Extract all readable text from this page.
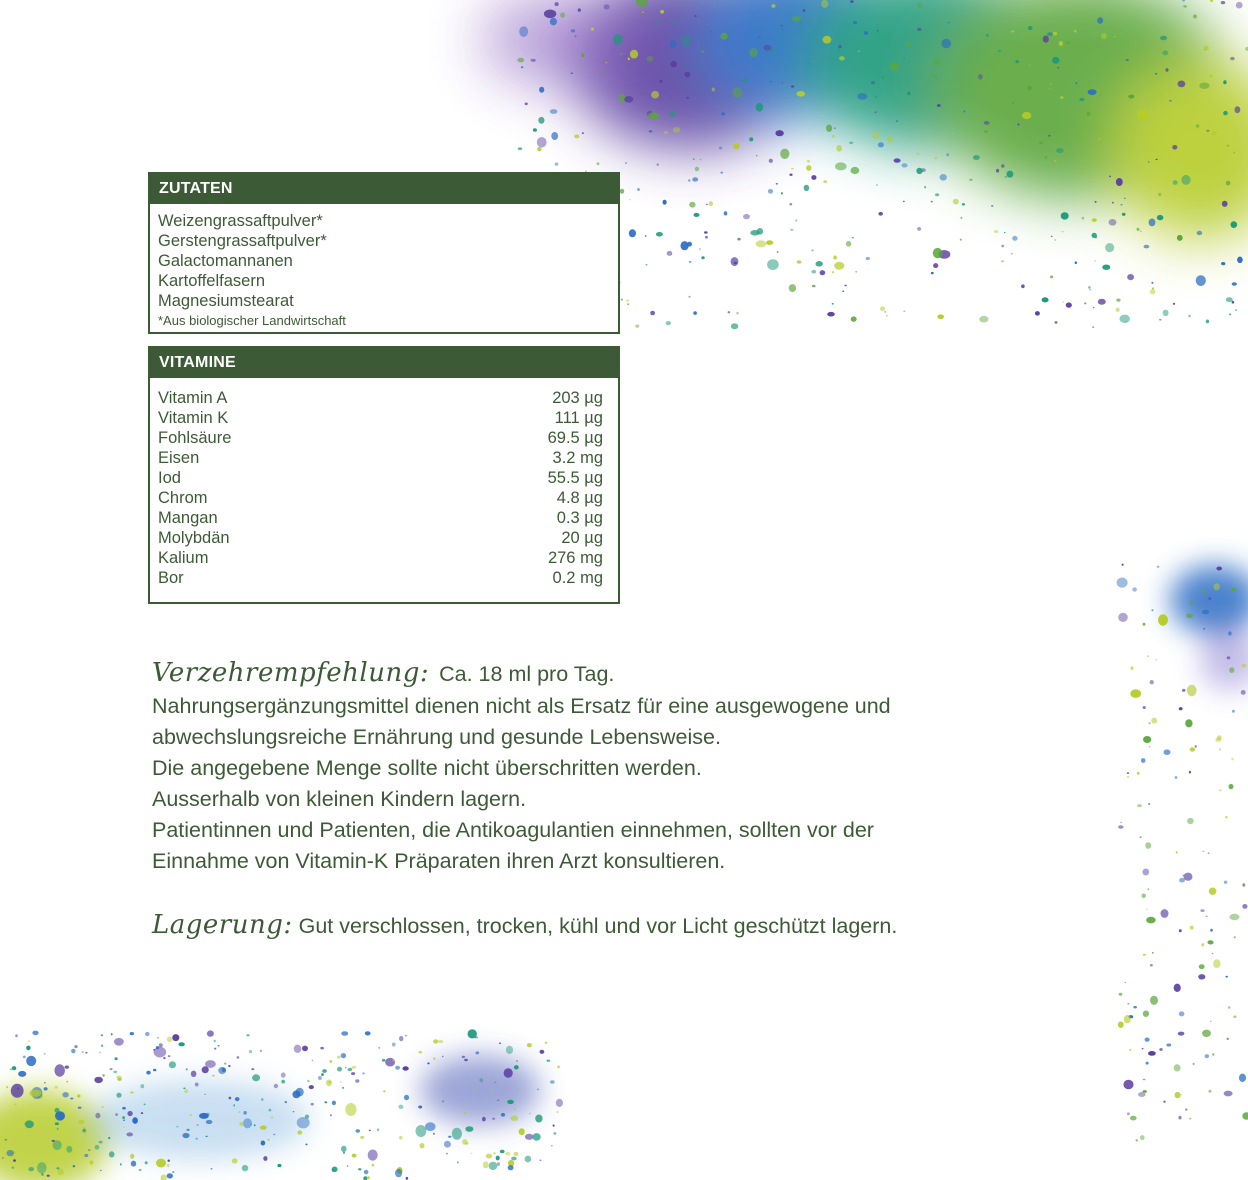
ZUTATEN
Weizengrassaftpulver*
Gerstengrassaftpulver*
Galactomannanen
Kartoffelfasern
Magnesiumstearat
*Aus biologischer Landwirtschaft
VITAMINE
Vitamin A	203 µg
Vitamin K	111 µg
Fohlsäure	69.5 µg
Eisen	3.2 mg
Iod	55.5 µg
Chrom	4.8 µg
Mangan	0.3 µg
Molybdän	20 µg
Kalium	276 mg
Bor	0.2 mg
Verzehrempfehlung: Ca. 18 ml pro Tag.
Nahrungsergänzungsmittel dienen nicht als Ersatz für eine ausgewogene und
abwechslungsreiche Ernährung und gesunde Lebensweise.
Die angegebene Menge sollte nicht überschritten werden.
Ausserhalb von kleinen Kindern lagern.
Patientinnen und Patienten, die Antikoagulantien einnehmen, sollten vor der
Einnahme von Vitamin-K Präparaten ihren Arzt konsultieren.
Lagerung: Gut verschlossen, trocken, kühl und vor Licht geschützt lagern.
